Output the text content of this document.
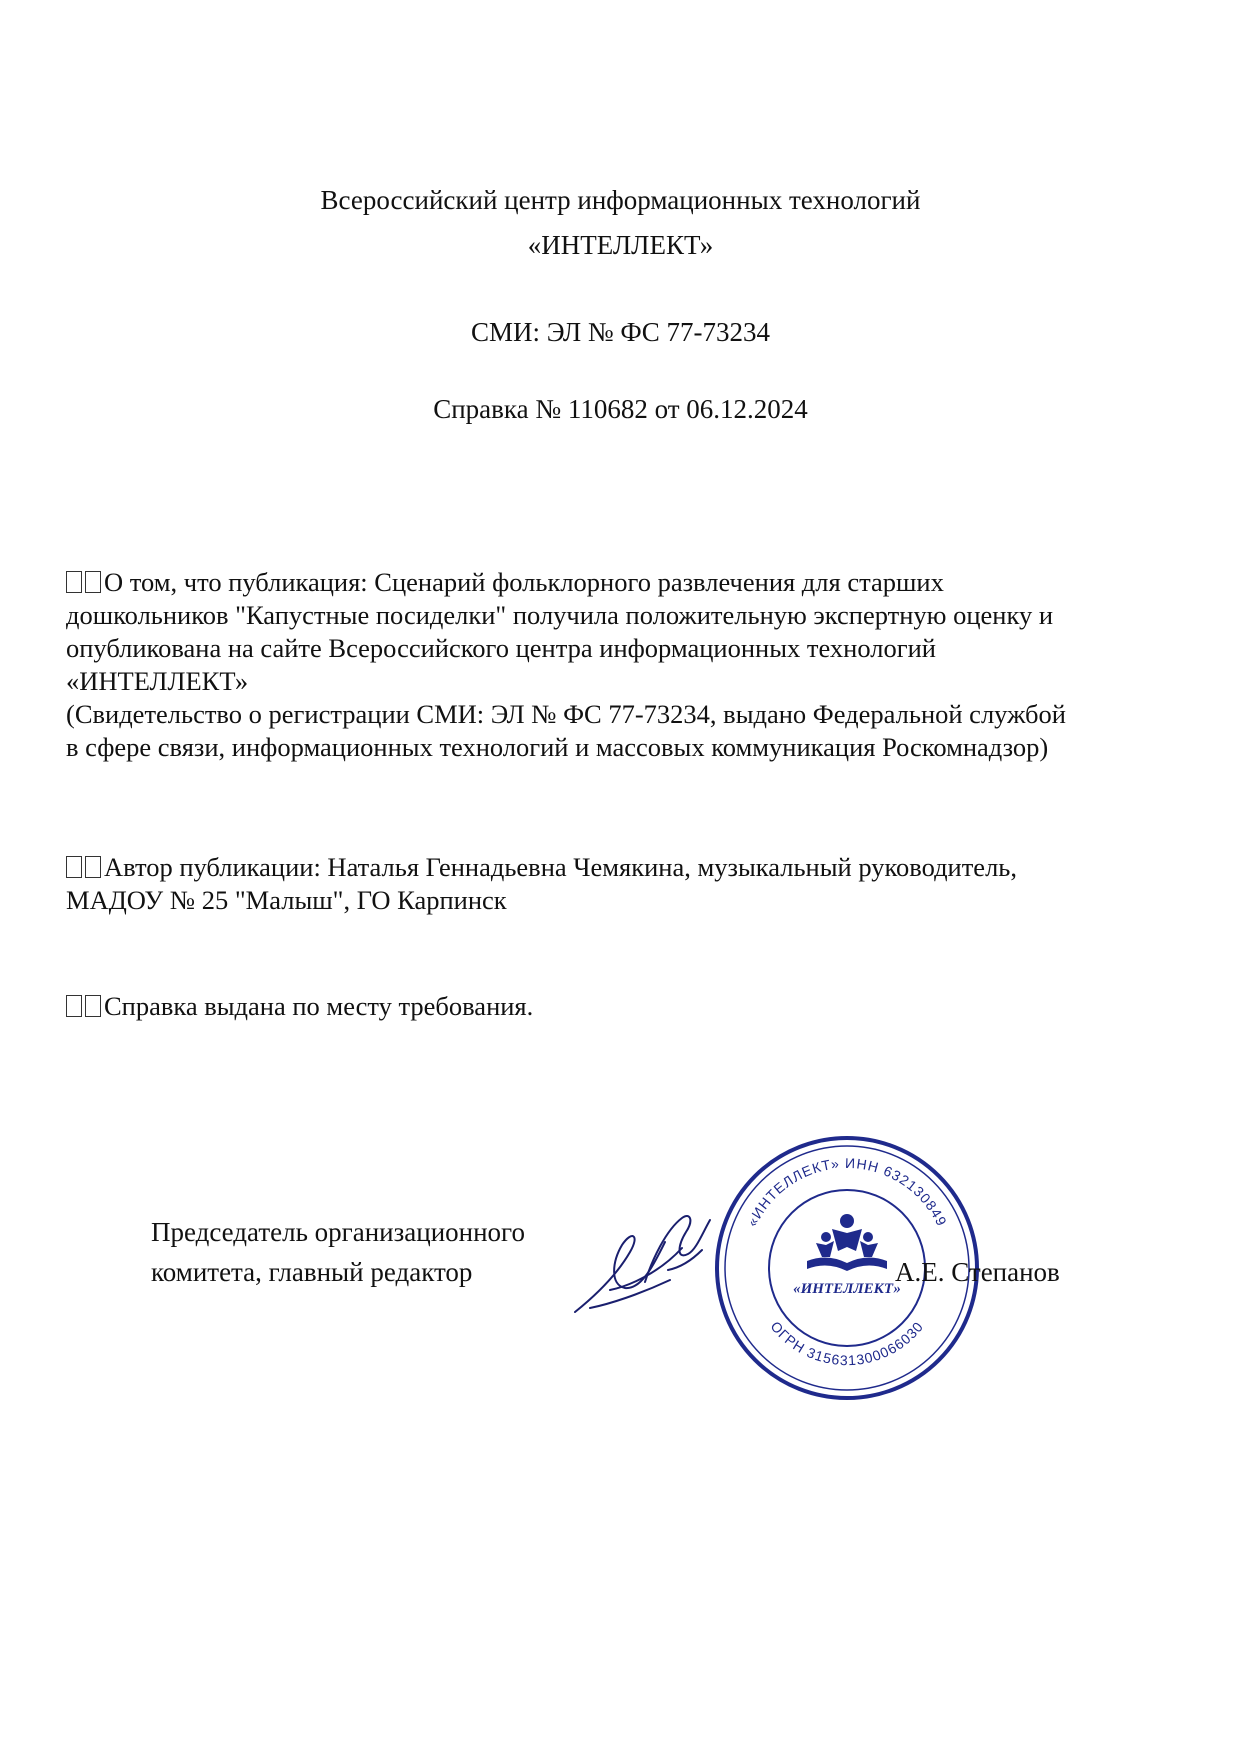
Всероссийский центр информационных технологий
«ИНТЕЛЛЕКТ»
СМИ: ЭЛ № ФС 77-73234
Справка № 110682 от 06.12.2024
О том, что публикация: Сценарий фольклорного развлечения для старших
дошкольников "Капустные посиделки" получила положительную экспертную оценку и
опубликована на сайте Всероссийского центра информационных технологий
«ИНТЕЛЛЕКТ»
(Свидетельство о регистрации СМИ: ЭЛ № ФС 77-73234, выдано Федеральной службой
в сфере связи, информационных технологий и массовых коммуникация Роскомнадзор)
Автор публикации: Наталья Геннадьевна Чемякина, музыкальный руководитель,
МАДОУ № 25 "Малыш", ГО Карпинск
Справка выдана по месту требования.
Председатель организационного
комитета, главный редактор
«ИНТЕЛЛЕКТ» ИНН 632130849
ОГРН 315631300066030
«ИНТЕЛЛЕКТ»
А.Е. Степанов
